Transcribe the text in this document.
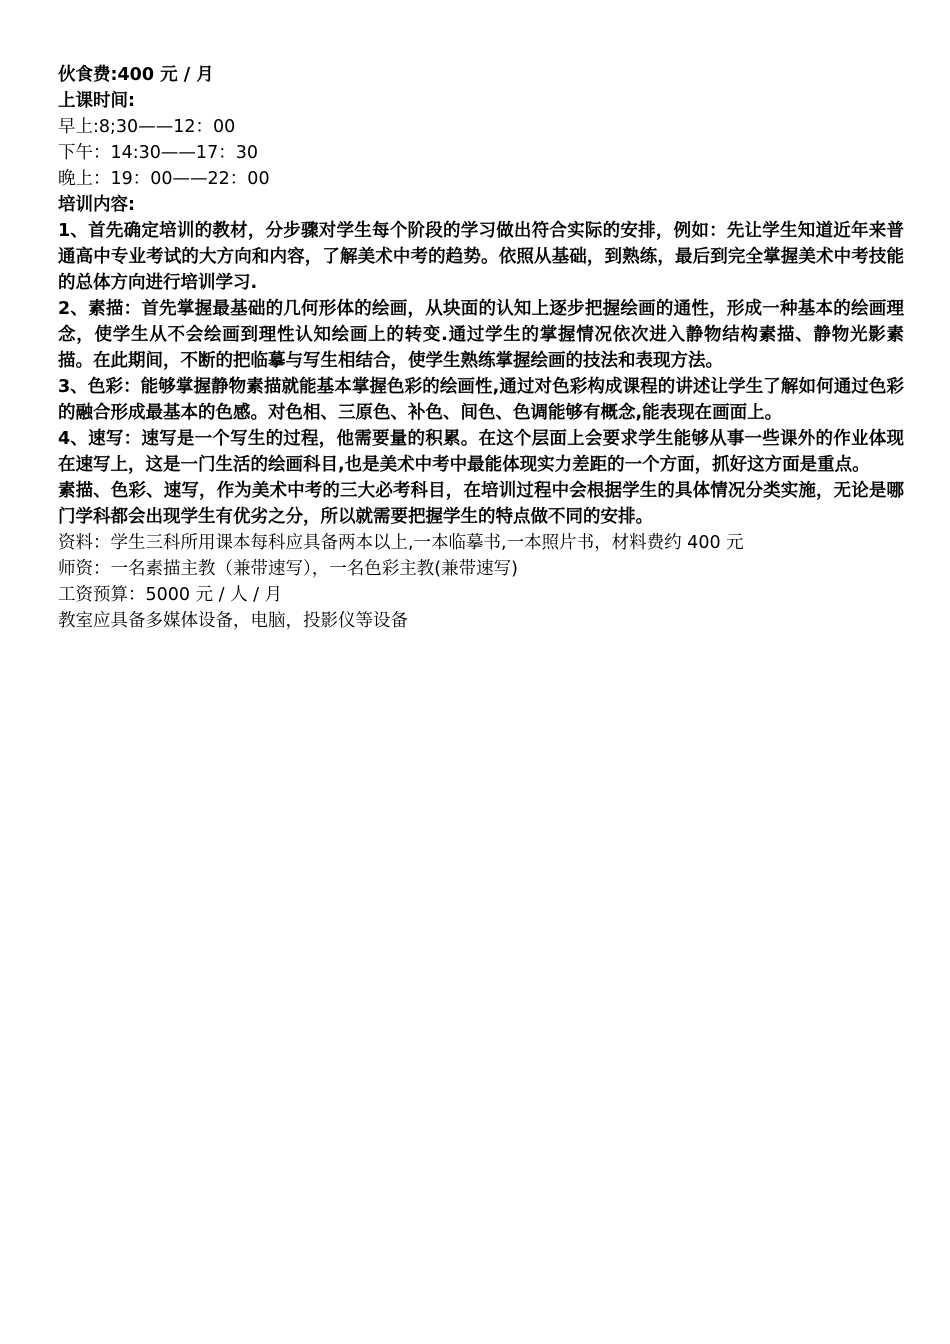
伙食费:400 元 / 月

上课时间:

早上:8;30——12：00

下午：14:30——17：30

晚上：19：00——22：00

培训内容:

1、首先确定培训的教材，分步骤对学生每个阶段的学习做出符合实际的安排，例如：先让学生知道近年来普通高中专业考试的大方向和内容，了解美术中考的趋势。依照从基础，到熟练，最后到完全掌握美术中考技能的总体方向进行培训学习.

2、素描：首先掌握最基础的几何形体的绘画，从块面的认知上逐步把握绘画的通性，形成一种基本的绘画理念，使学生从不会绘画到理性认知绘画上的转变.通过学生的掌握情况依次进入静物结构素描、静物光影素描。在此期间，不断的把临摹与写生相结合，使学生熟练掌握绘画的技法和表现方法。

3、色彩：能够掌握静物素描就能基本掌握色彩的绘画性,通过对色彩构成课程的讲述让学生了解如何通过色彩的融合形成最基本的色感。对色相、三原色、补色、间色、色调能够有概念,能表现在画面上。

4、速写：速写是一个写生的过程，他需要量的积累。在这个层面上会要求学生能够从事一些课外的作业体现在速写上，这是一门生活的绘画科目,也是美术中考中最能体现实力差距的一个方面，抓好这方面是重点。

素描、色彩、速写，作为美术中考的三大必考科目，在培训过程中会根据学生的具体情况分类实施，无论是哪门学科都会出现学生有优劣之分，所以就需要把握学生的特点做不同的安排。

资料：学生三科所用课本每科应具备两本以上,一本临摹书,一本照片书，材料费约 400 元

师资：一名素描主教（兼带速写），一名色彩主教(兼带速写)

工资预算：5000 元 / 人 / 月

教室应具备多媒体设备，电脑，投影仪等设备
